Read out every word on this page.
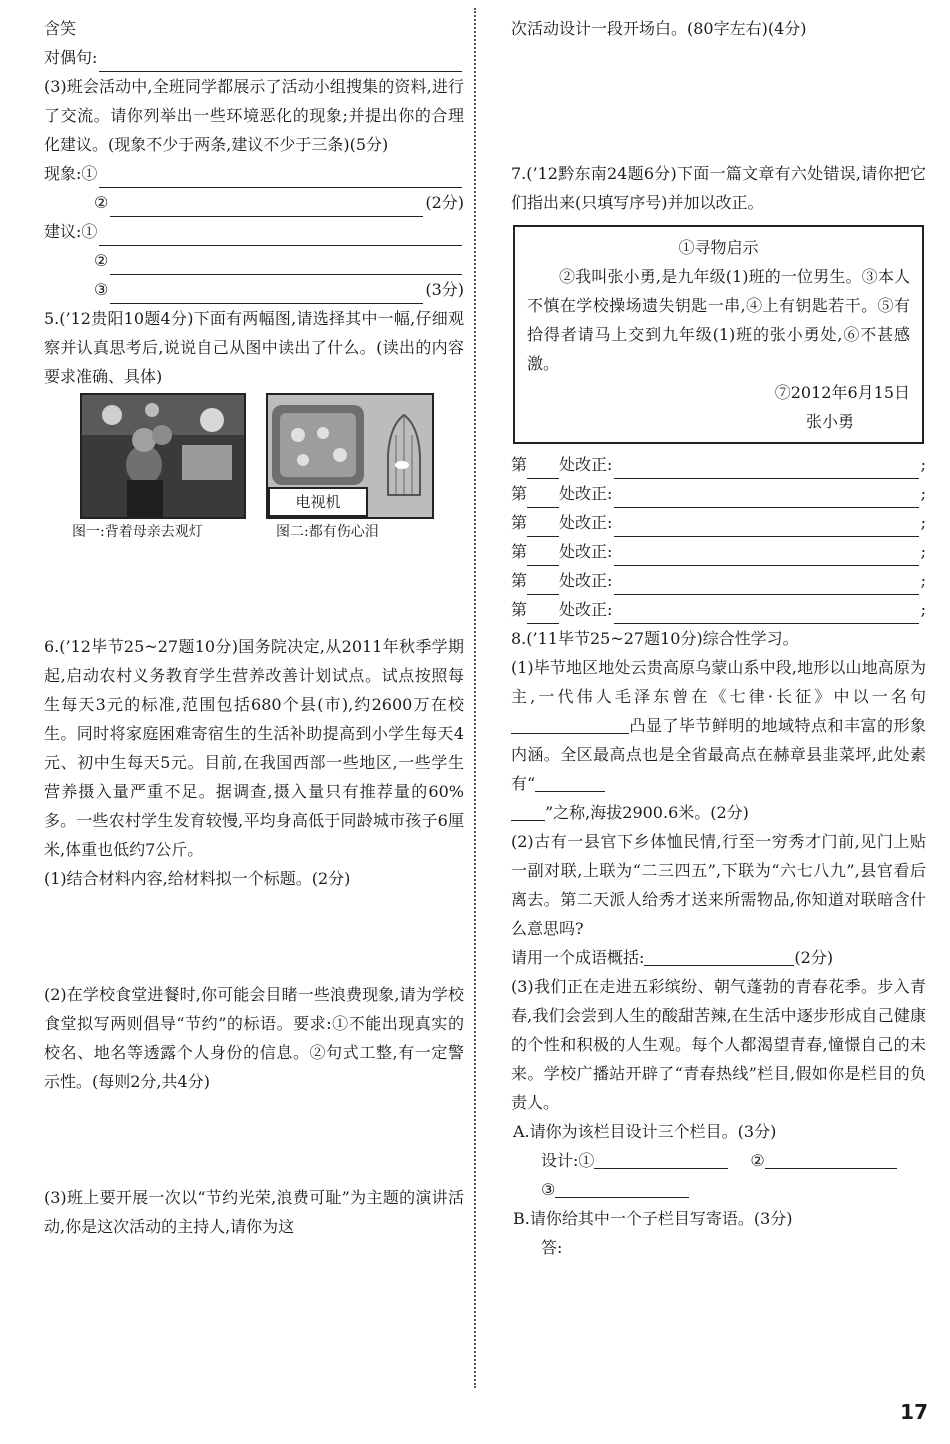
含笑

对偶句:

(3)班会活动中,全班同学都展示了活动小组搜集的资料,进行了交流。请你列举出一些环境恶化的现象;并提出你的合理化建议。(现象不少于两条,建议不少于三条)(5分)

现象:①
②	(2分)
建议:①
②
③	(3分)

5.(’12贵阳10题4分)下面有两幅图,请选择其中一幅,仔细观察并认真思考后,说说自己从图中读出了什么。(读出的内容要求准确、具体)

电视机
图一:背着母亲去观灯	图二:都有伤心泪

6.(’12毕节25~27题10分)国务院决定,从2011年秋季学期起,启动农村义务教育学生营养改善计划试点。试点按照每生每天3元的标准,范围包括680个县(市),约2600万在校生。同时将家庭困难寄宿生的生活补助提高到小学生每天4元、初中生每天5元。目前,在我国西部一些地区,一些学生营养摄入量严重不足。据调查,摄入量只有推荐量的60%多。一些农村学生发育较慢,平均身高低于同龄城市孩子6厘米,体重也低约7公斤。

(1)结合材料内容,给材料拟一个标题。(2分)

(2)在学校食堂进餐时,你可能会目睹一些浪费现象,请为学校食堂拟写两则倡导“节约”的标语。要求:①不能出现真实的校名、地名等透露个人身份的信息。②句式工整,有一定警示性。(每则2分,共4分)

(3)班上要开展一次以“节约光荣,浪费可耻”为主题的演讲活动,你是这次活动的主持人,请你为这

次活动设计一段开场白。(80字左右)(4分)

7.(’12黔东南24题6分)下面一篇文章有六处错误,请你把它们指出来(只填写序号)并加以改正。

①寻物启示

②我叫张小勇,是九年级(1)班的一位男生。③本人不慎在学校操场遗失钥匙一串,④上有钥匙若干。⑤有拾得者请马上交到九年级(1)班的张小勇处,⑥不甚感激。

⑦2012年6月15日

张小勇

第 处改正:	;
第 处改正:	;
第 处改正:	;
第 处改正:	;
第 处改正:	;
第 处改正:	;

8.(’11毕节25~27题10分)综合性学习。

(1)毕节地区地处云贵高原乌蒙山系中段,地形以山地高原为主,一代伟人毛泽东曾在《七律·长征》中以一名句凸显了毕节鲜明的地域特点和丰富的形象内涵。全区最高点也是全省最高点在赫章县韭菜坪,此处素有“

”之称,海拔2900.6米。(2分)

(2)古有一县官下乡体恤民情,行至一穷秀才门前,见门上贴一副对联,上联为“二三四五”,下联为“六七八九”,县官看后离去。第二天派人给秀才送来所需物品,你知道对联暗含什么意思吗?

请用一个成语概括:	(2分)

(3)我们正在走进五彩缤纷、朝气蓬勃的青春花季。步入青春,我们会尝到人生的酸甜苦辣,在生活中逐步形成自己健康的个性和积极的人生观。每个人都渴望青春,憧憬自己的未来。学校广播站开辟了“青春热线”栏目,假如你是栏目的负责人。

A.请你为该栏目设计三个栏目。(3分)

设计:①	②

③

B.请你给其中一个子栏目写寄语。(3分)

答:

17
